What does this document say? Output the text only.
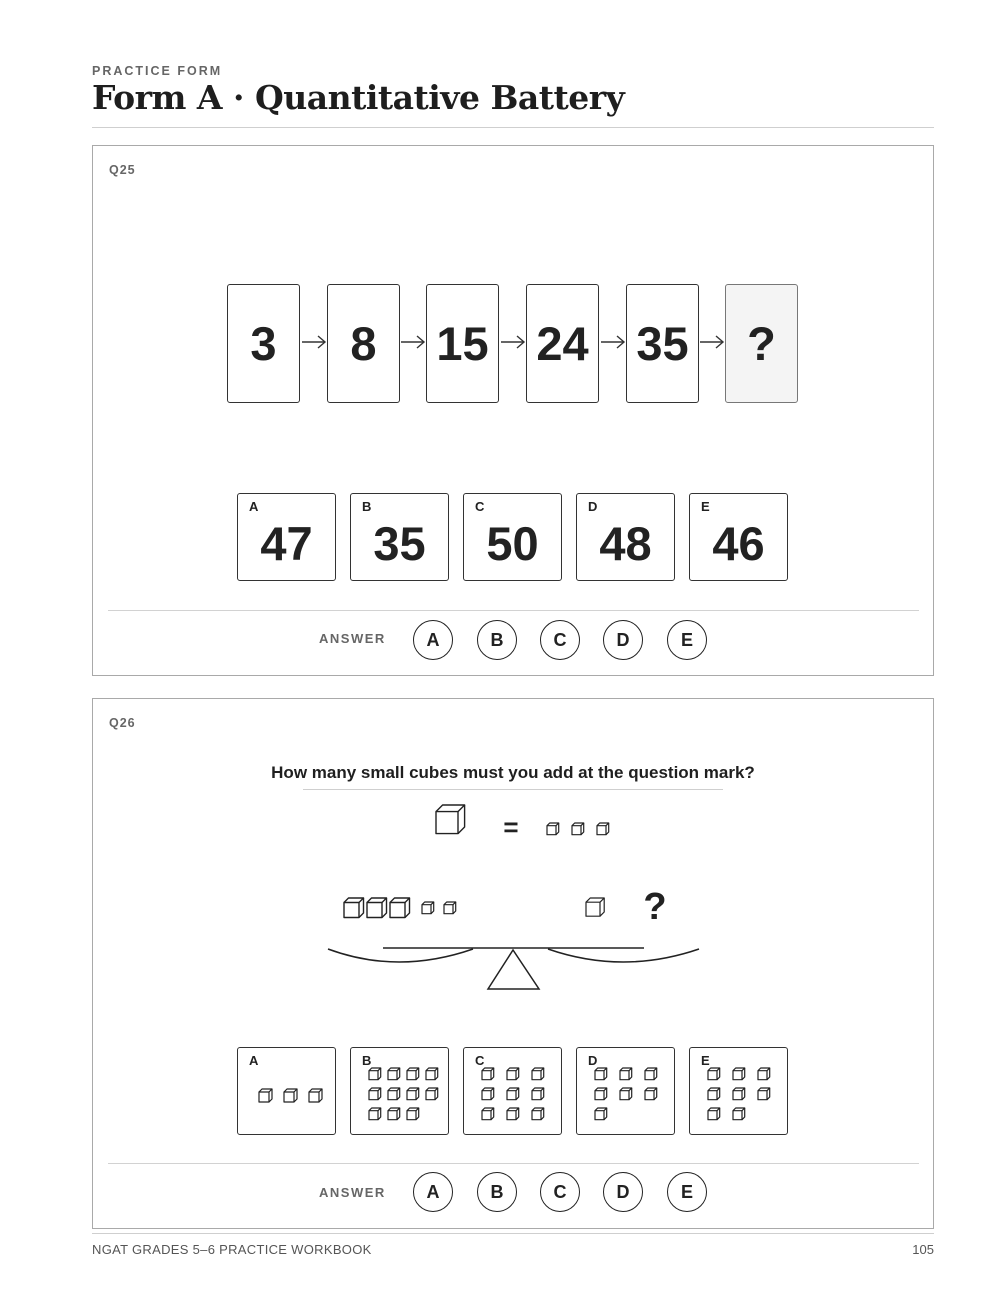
PRACTICE FORM
Form A · Quantitative Battery
Q25
3	8	15 24 35	?
A
47
B
35
C
50
D
48
E
46
ANSWER	A	B	C	D	E
Q26
How many small cubes must you add at the question mark?
=
?
A	B	C	D	E
ANSWER	A	B	C	D	E
NGAT GRADES 5–6 PRACTICE WORKBOOK	105
